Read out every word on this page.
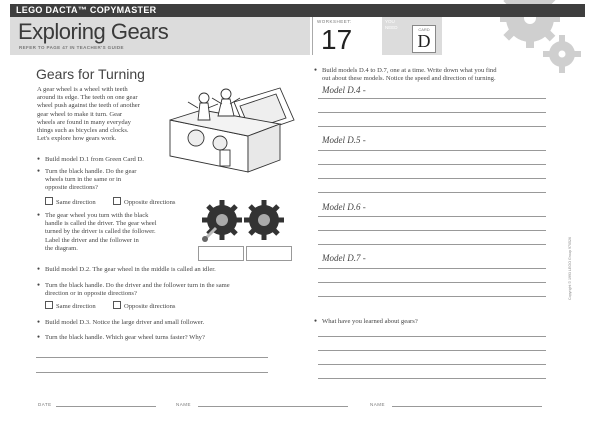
LEGO DACTA™ COPYMASTER
Exploring Gears
REFER TO PAGE 47 IN TEACHER'S GUIDE
WORKSHEET:
17
YOU
NEED	CARD
D
Gears for Turning
A gear wheel is a wheel with teeth
around its edge. The teeth on one gear
wheel push against the teeth of another
gear wheel to make it turn. Gear
wheels are found in many everyday
things such as bicycles and clocks.
Let's explore how gears work.
● Build model D.1 from Green Card D.
● Turn the black handle. Do the gear
wheels turn in the same or in
opposite directions?
Same direction	Opposite directions
● The gear wheel you turn with the black
handle is called the driver. The gear wheel
turned by the driver is called the follower.
Label the driver and the follower in
the diagram.
● Build model D.2. The gear wheel in the middle is called an idler.
● Turn the black handle. Do the driver and the follower turn in the same
direction or in opposite directions?
Same direction	Opposite directions
● Build model D.3. Notice the large driver and small follower.
● Turn the black handle. Which gear wheel turns faster? Why?
● Build models D.4 to D.7, one at a time. Write down what you find
out about these models. Notice the speed and direction of turning.
Model D.4 -
Model D.5 -
Model D.6 -
Model D.7 -
● What have you learned about gears?
Copyright © 1993 LEGO Group 970526
DATE	NAME	NAME
